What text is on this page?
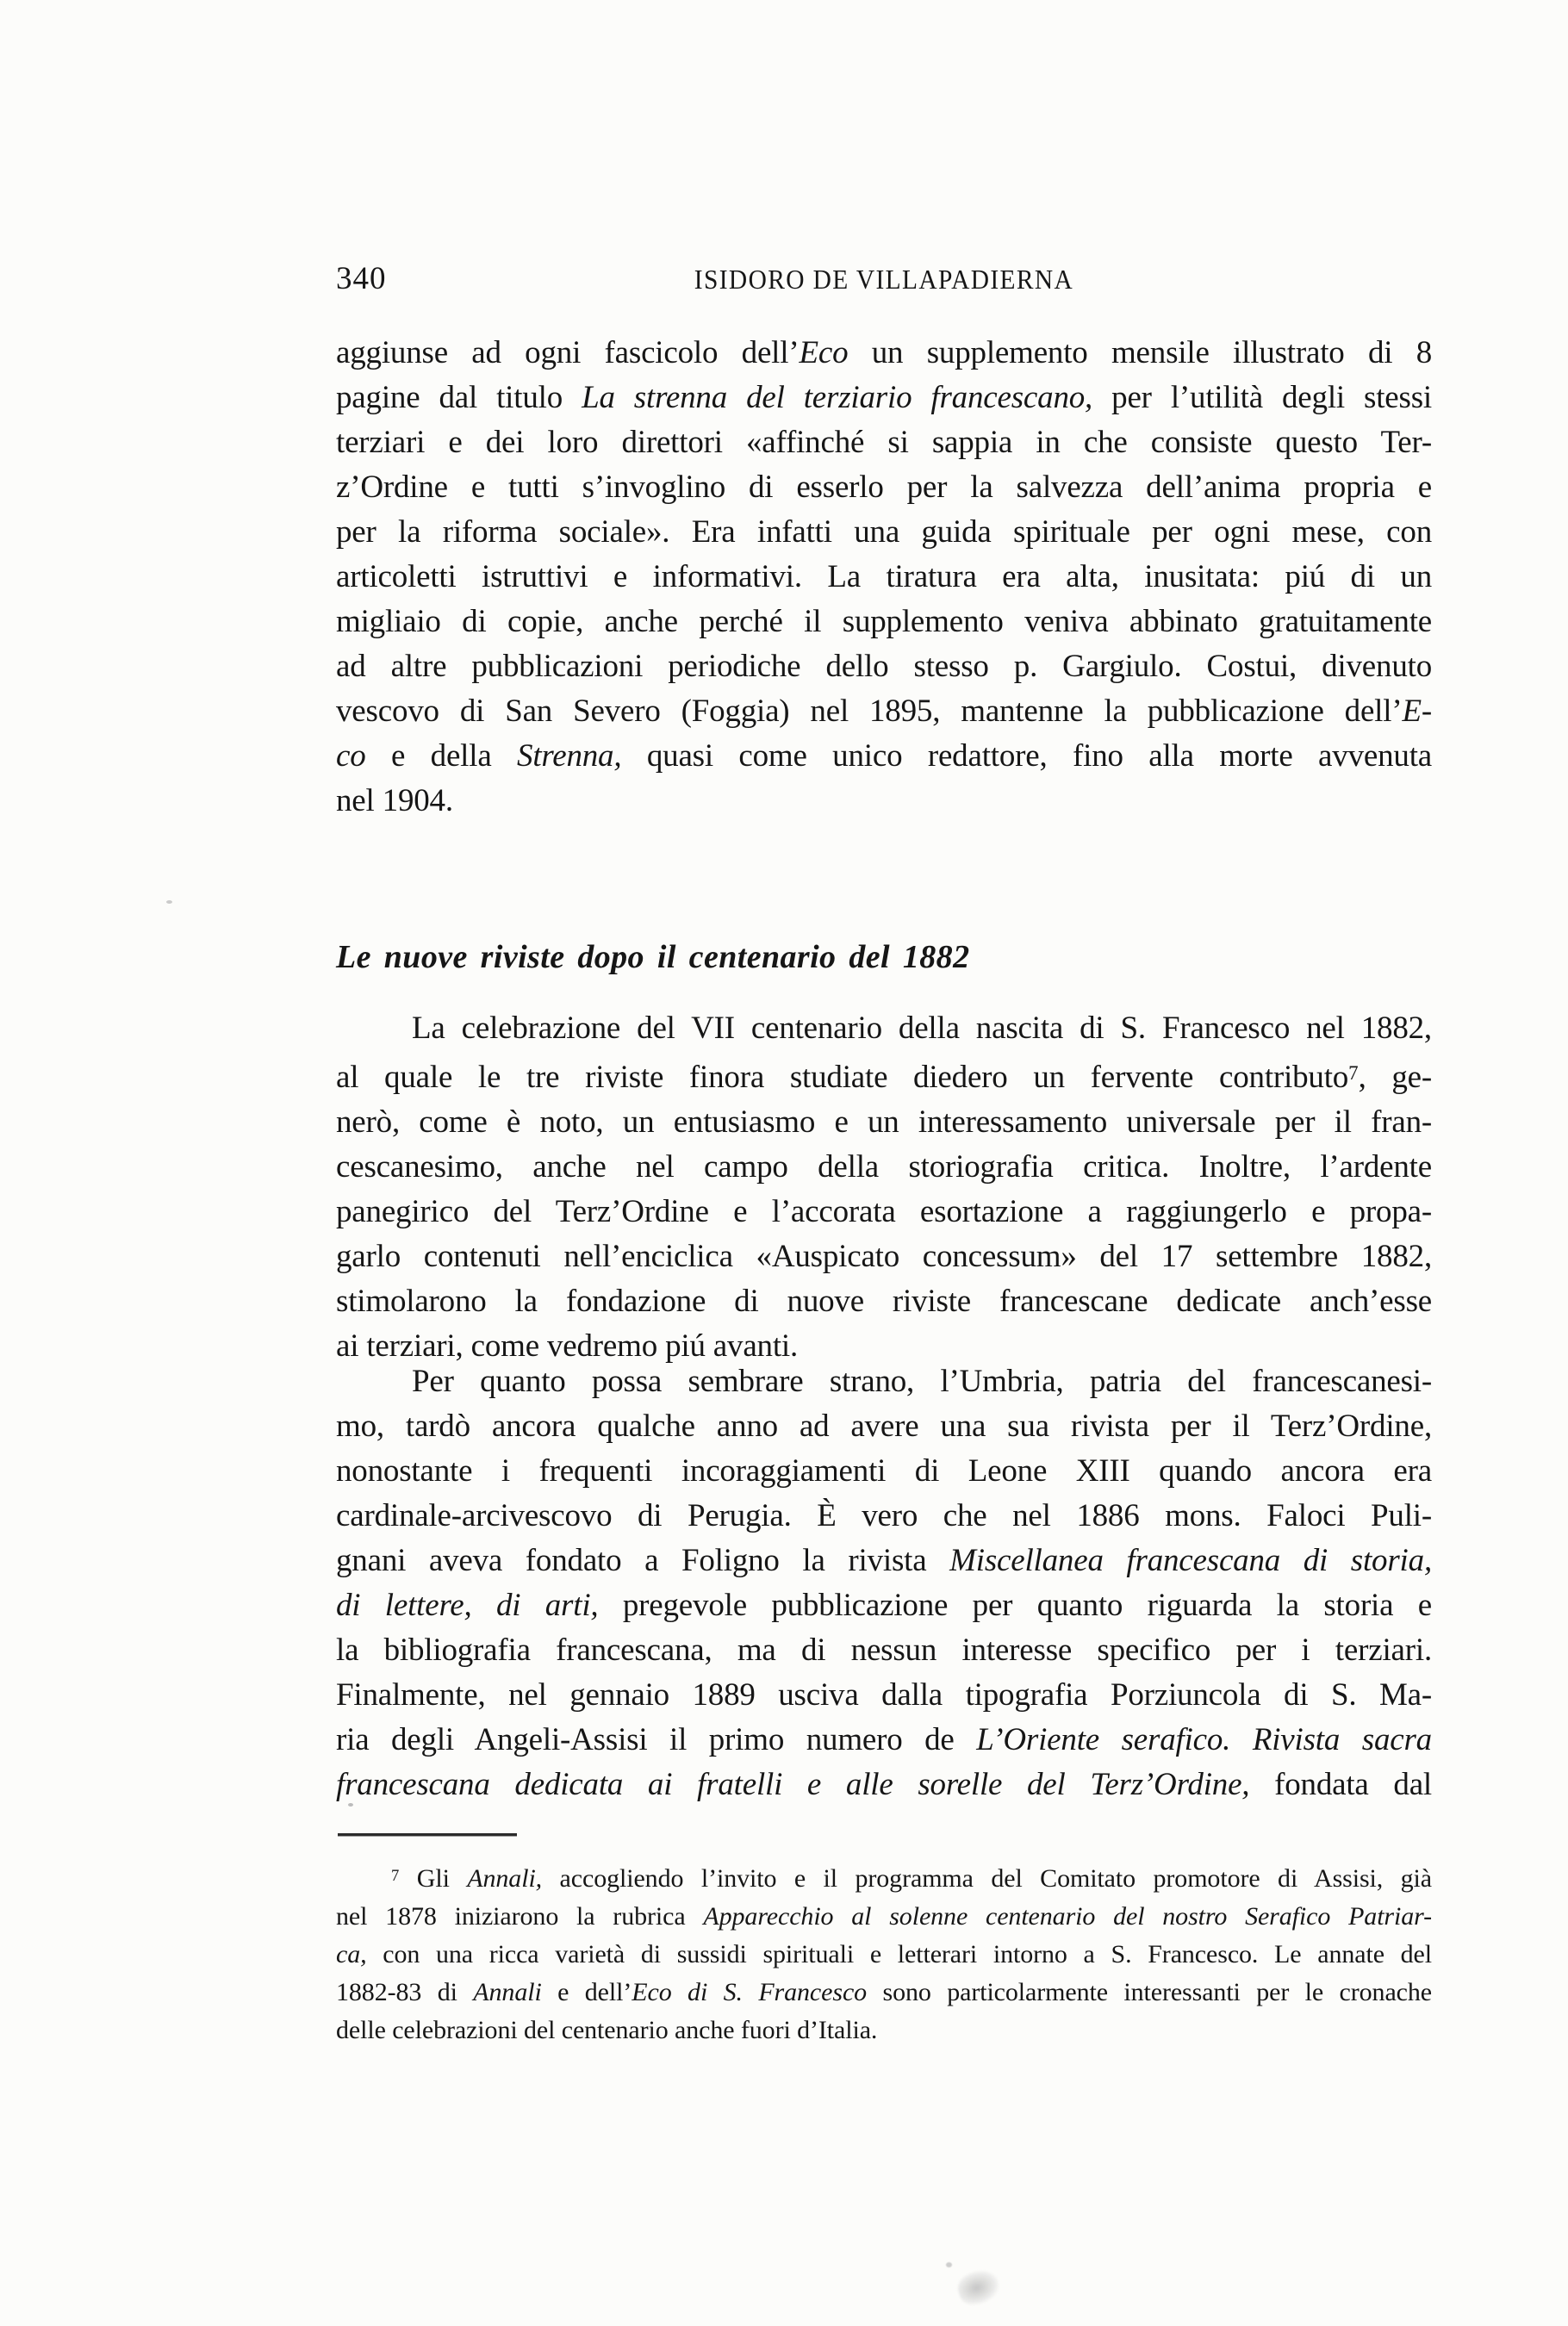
340	ISIDORO DE VILLAPADIERNA
aggiunse ad ogni fascicolo dell’Eco un supplemento mensile illustrato di 8
pagine dal titulo La strenna del terziario francescano, per l’utilità degli stessi
terziari e dei loro direttori «affinché si sappia in che consiste questo Ter-
z’Ordine e tutti s’invoglino di esserlo per la salvezza dell’anima propria e
per la riforma sociale». Era infatti una guida spirituale per ogni mese, con
articoletti istruttivi e informativi. La tiratura era alta, inusitata: piú di un
migliaio di copie, anche perché il supplemento veniva abbinato gratuitamente
ad altre pubblicazioni periodiche dello stesso p. Gargiulo. Costui, divenuto
vescovo di San Severo (Foggia) nel 1895, mantenne la pubblicazione dell’E-
co e della Strenna, quasi come unico redattore, fino alla morte avvenuta
nel 1904.
Le nuove riviste dopo il centenario del 1882
La celebrazione del VII centenario della nascita di S. Francesco nel 1882,
al quale le tre riviste finora studiate diedero un fervente contributo$^7$, ge-
nerò, come è noto, un entusiasmo e un interessamento universale per il fran-
cescanesimo, anche nel campo della storiografia critica. Inoltre, l’ardente
panegirico del Terz’Ordine e l’accorata esortazione a raggiungerlo e propa-
garlo contenuti nell’enciclica «Auspicato concessum» del 17 settembre 1882,
stimolarono la fondazione di nuove riviste francescane dedicate anch’esse
ai terziari, come vedremo piú avanti.
Per quanto possa sembrare strano, l’Umbria, patria del francescanesi-
mo, tardò ancora qualche anno ad avere una sua rivista per il Terz’Ordine,
nonostante i frequenti incoraggiamenti di Leone XIII quando ancora era
cardinale-arcivescovo di Perugia. È vero che nel 1886 mons. Faloci Puli-
gnani aveva fondato a Foligno la rivista Miscellanea francescana di storia,
di lettere, di arti, pregevole pubblicazione per quanto riguarda la storia e
la bibliografia francescana, ma di nessun interesse specifico per i terziari.
Finalmente, nel gennaio 1889 usciva dalla tipografia Porziuncola di S. Ma-
ria degli Angeli-Assisi il primo numero de L’Oriente serafico. Rivista sacra
francescana dedicata ai fratelli e alle sorelle del Terz’Ordine, fondata dal
$^7$ Gli Annali, accogliendo l’invito e il programma del Comitato promotore di Assisi, già
nel 1878 iniziarono la rubrica Apparecchio al solenne centenario del nostro Serafico Patriar-
ca, con una ricca varietà di sussidi spirituali e letterari intorno a S. Francesco. Le annate del
1882-83 di Annali e dell’Eco di S. Francesco sono particolarmente interessanti per le cronache
delle celebrazioni del centenario anche fuori d’Italia.
